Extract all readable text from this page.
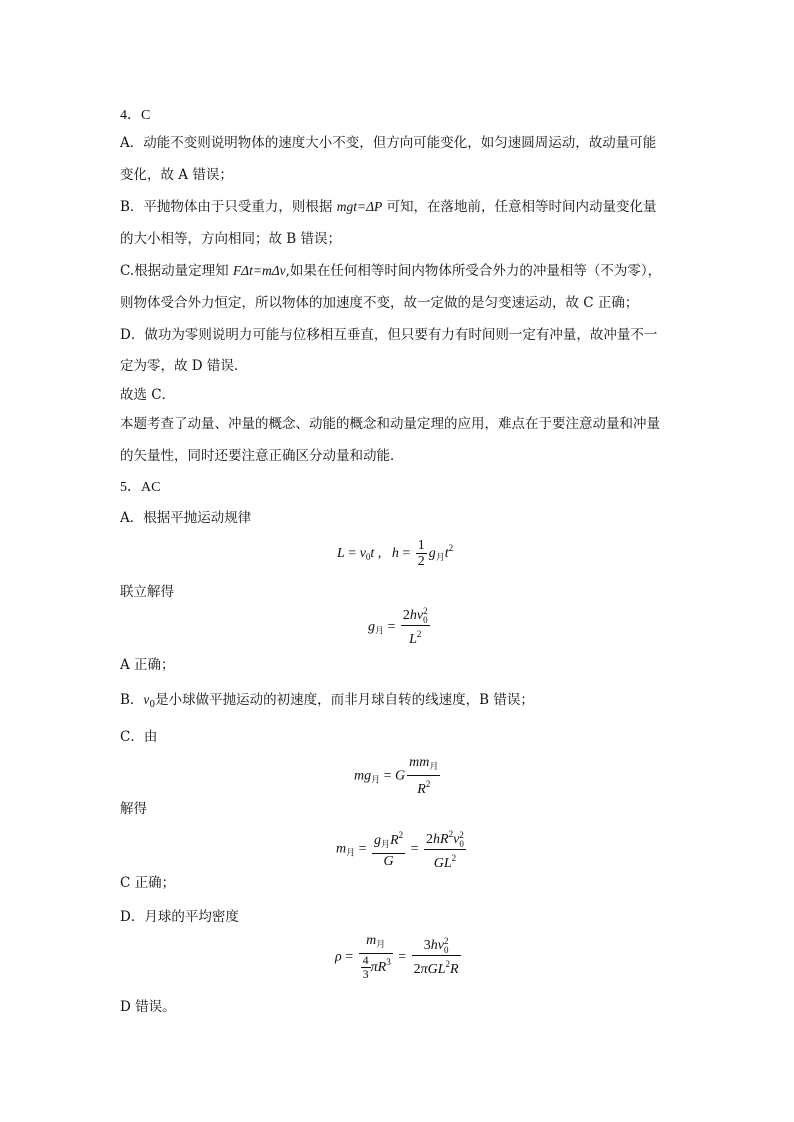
4．C
A．动能不变则说明物体的速度大小不变，但方向可能变化，如匀速圆周运动，故动量可能
变化，故 A 错误；
B．平抛物体由于只受重力，则根据 mgt=ΔP 可知，在落地前，任意相等时间内动量变化量
的大小相等，方向相同；故 B 错误；
C.根据动量定理知 FΔt=mΔv,如果在任何相等时间内物体所受合外力的冲量相等（不为零），
则物体受合外力恒定，所以物体的加速度不变，故一定做的是匀变速运动，故 C 正确；
D．做功为零则说明力可能与位移相互垂直，但只要有力有时间则一定有冲量，故冲量不一
定为零，故 D 错误．
故选 C．
本题考查了动量、冲量的概念、动能的概念和动量定理的应用，难点在于要注意动量和冲量
的矢量性，同时还要注意正确区分动量和动能．
5．AC
A．根据平抛运动规律
$L = v_0t$ ,   $h = \frac{1}{2} g_月t^2$
联立解得
$g_月 = 2hv$ 2
0
$L^2$
A 正确；
B．$v_0$是小球做平抛运动的初速度，而非月球自转的线速度，B 错误；
C．由
$mg_月 = G \frac{mm_月}{R^2}$
解得
$m_月 = \frac{g_月R^2}{G} = 2hR^2v$ 2
0
$GL^2$
C 正确；
D．月球的平均密度
$\rho = \frac{m_月}{\frac{4}{3} \pi R^3} = 3hv$ 2
0
2πGL$^2$R
D 错误。
